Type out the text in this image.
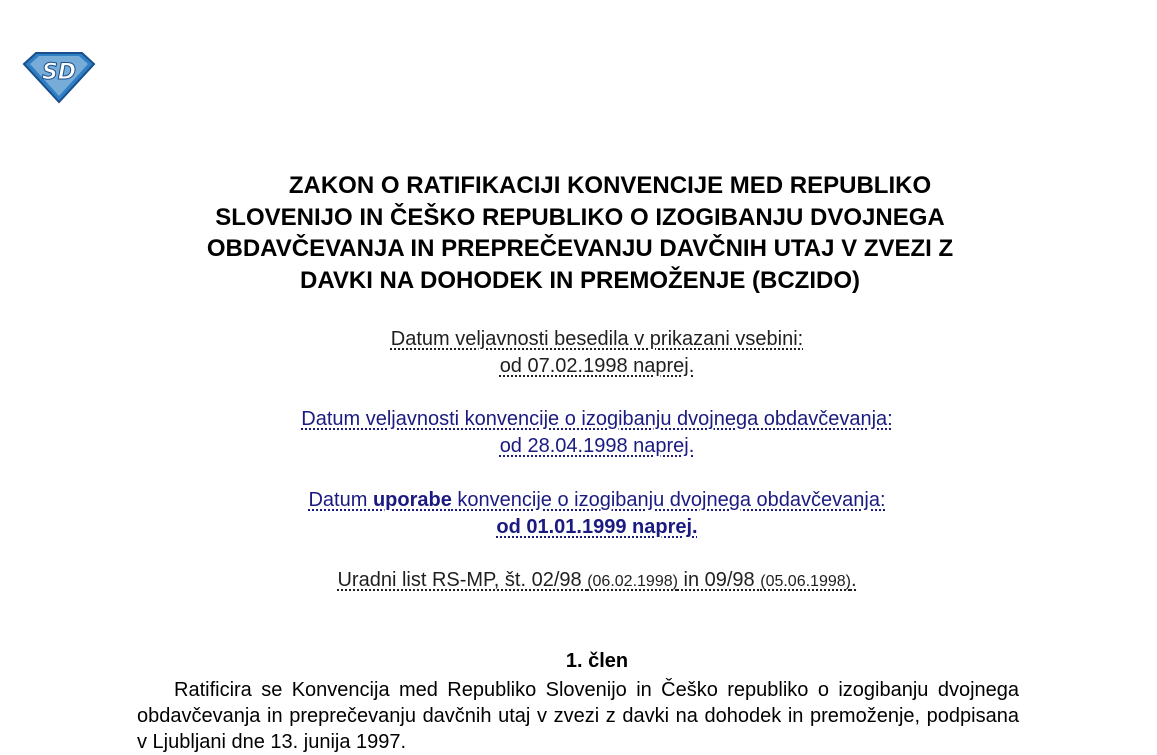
SD
ZAKON O RATIFIKACIJI KONVENCIJE MED REPUBLIKO
SLOVENIJO IN ČEŠKO REPUBLIKO O IZOGIBANJU DVOJNEGA
OBDAVČEVANJA IN PREPREČEVANJU DAVČNIH UTAJ V ZVEZI Z
DAVKI NA DOHODEK IN PREMOŽENJE (BCZIDO)
Datum veljavnosti besedila v prikazani vsebini:
od 07.02.1998 naprej.
Datum veljavnosti konvencije o izogibanju dvojnega obdavčevanja:
od 28.04.1998 naprej.
Datum uporabe konvencije o izogibanju dvojnega obdavčevanja:
od 01.01.1999 naprej.
Uradni list RS-MP, št. 02/98 (06.02.1998) in 09/98 (05.06.1998).
1. člen

Ratificira se Konvencija med Republiko Slovenijo in Češko republiko o izogibanju dvojnega obdavčevanja in preprečevanju davčnih utaj v zvezi z davki na dohodek in premoženje, podpisana v Ljubljani dne 13. junija 1997.
